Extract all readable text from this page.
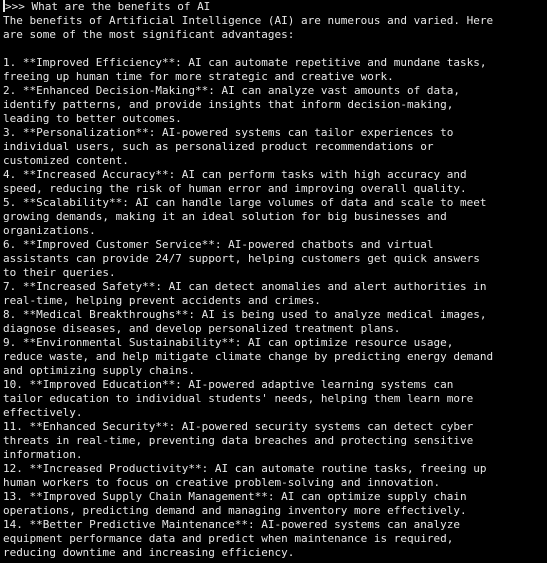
>>> What are the benefits of AI
The benefits of Artificial Intelligence (AI) are numerous and varied. Here
are some of the most significant advantages:
1. **Improved Efficiency**: AI can automate repetitive and mundane tasks,
freeing up human time for more strategic and creative work.
2. **Enhanced Decision-Making**: AI can analyze vast amounts of data,
identify patterns, and provide insights that inform decision-making,
leading to better outcomes.
3. **Personalization**: AI-powered systems can tailor experiences to
individual users, such as personalized product recommendations or
customized content.
4. **Increased Accuracy**: AI can perform tasks with high accuracy and
speed, reducing the risk of human error and improving overall quality.
5. **Scalability**: AI can handle large volumes of data and scale to meet
growing demands, making it an ideal solution for big businesses and
organizations.
6. **Improved Customer Service**: AI-powered chatbots and virtual
assistants can provide 24/7 support, helping customers get quick answers
to their queries.
7. **Increased Safety**: AI can detect anomalies and alert authorities in
real-time, helping prevent accidents and crimes.
8. **Medical Breakthroughs**: AI is being used to analyze medical images,
diagnose diseases, and develop personalized treatment plans.
9. **Environmental Sustainability**: AI can optimize resource usage,
reduce waste, and help mitigate climate change by predicting energy demand
and optimizing supply chains.
10. **Improved Education**: AI-powered adaptive learning systems can
tailor education to individual students' needs, helping them learn more
effectively.
11. **Enhanced Security**: AI-powered security systems can detect cyber
threats in real-time, preventing data breaches and protecting sensitive
information.
12. **Increased Productivity**: AI can automate routine tasks, freeing up
human workers to focus on creative problem-solving and innovation.
13. **Improved Supply Chain Management**: AI can optimize supply chain
operations, predicting demand and managing inventory more effectively.
14. **Better Predictive Maintenance**: AI-powered systems can analyze
equipment performance data and predict when maintenance is required,
reducing downtime and increasing efficiency.
